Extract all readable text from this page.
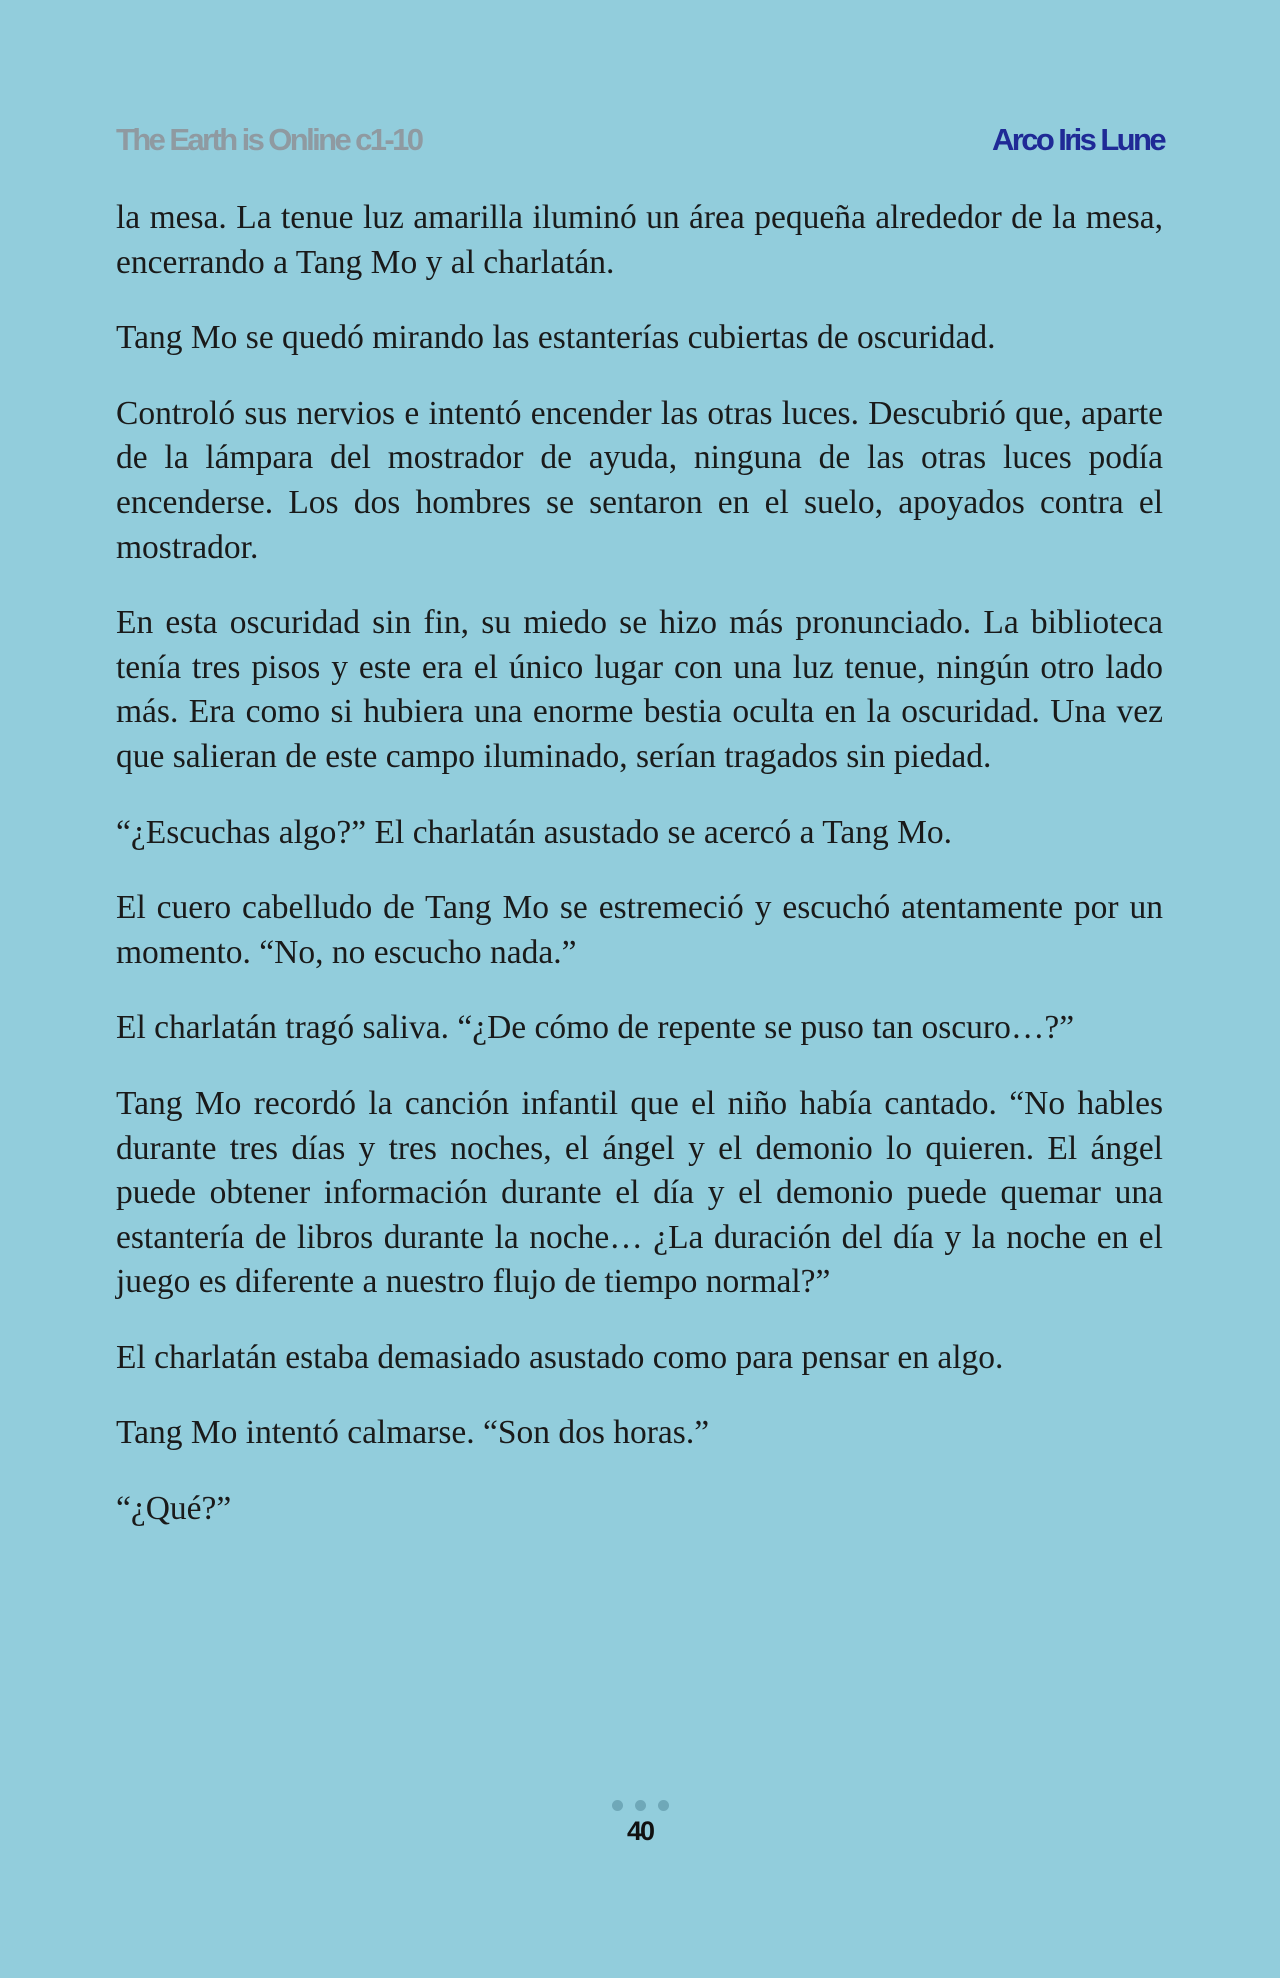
The Earth is Online c1-10	Arco Iris Lune

la mesa. La tenue luz amarilla iluminó un área pequeña alrededor de la mesa, encerrando a Tang Mo y al charlatán.

Tang Mo se quedó mirando las estanterías cubiertas de oscuridad.

Controló sus nervios e intentó encender las otras luces. Descubrió que, aparte de la lámpara del mostrador de ayuda, ninguna de las otras luces podía encenderse. Los dos hombres se sentaron en el suelo, apoyados contra el mostrador.

En esta oscuridad sin fin, su miedo se hizo más pronunciado. La biblioteca tenía tres pisos y este era el único lugar con una luz tenue, ningún otro lado más. Era como si hubiera una enorme bestia oculta en la oscuridad. Una vez que salieran de este campo iluminado, serían tragados sin piedad.

“¿Escuchas algo?” El charlatán asustado se acercó a Tang Mo.

El cuero cabelludo de Tang Mo se estremeció y escuchó atentamente por un momento. “No, no escucho nada.”

El charlatán tragó saliva. “¿De cómo de repente se puso tan oscuro…?”

Tang Mo recordó la canción infantil que el niño había cantado. “No hables durante tres días y tres noches, el ángel y el demonio lo quieren. El ángel puede obtener información durante el día y el demonio puede quemar una estantería de libros durante la noche… ¿La duración del día y la noche en el juego es diferente a nuestro flujo de tiempo normal?”

El charlatán estaba demasiado asustado como para pensar en algo.

Tang Mo intentó calmarse. “Son dos horas.”

“¿Qué?”

40
